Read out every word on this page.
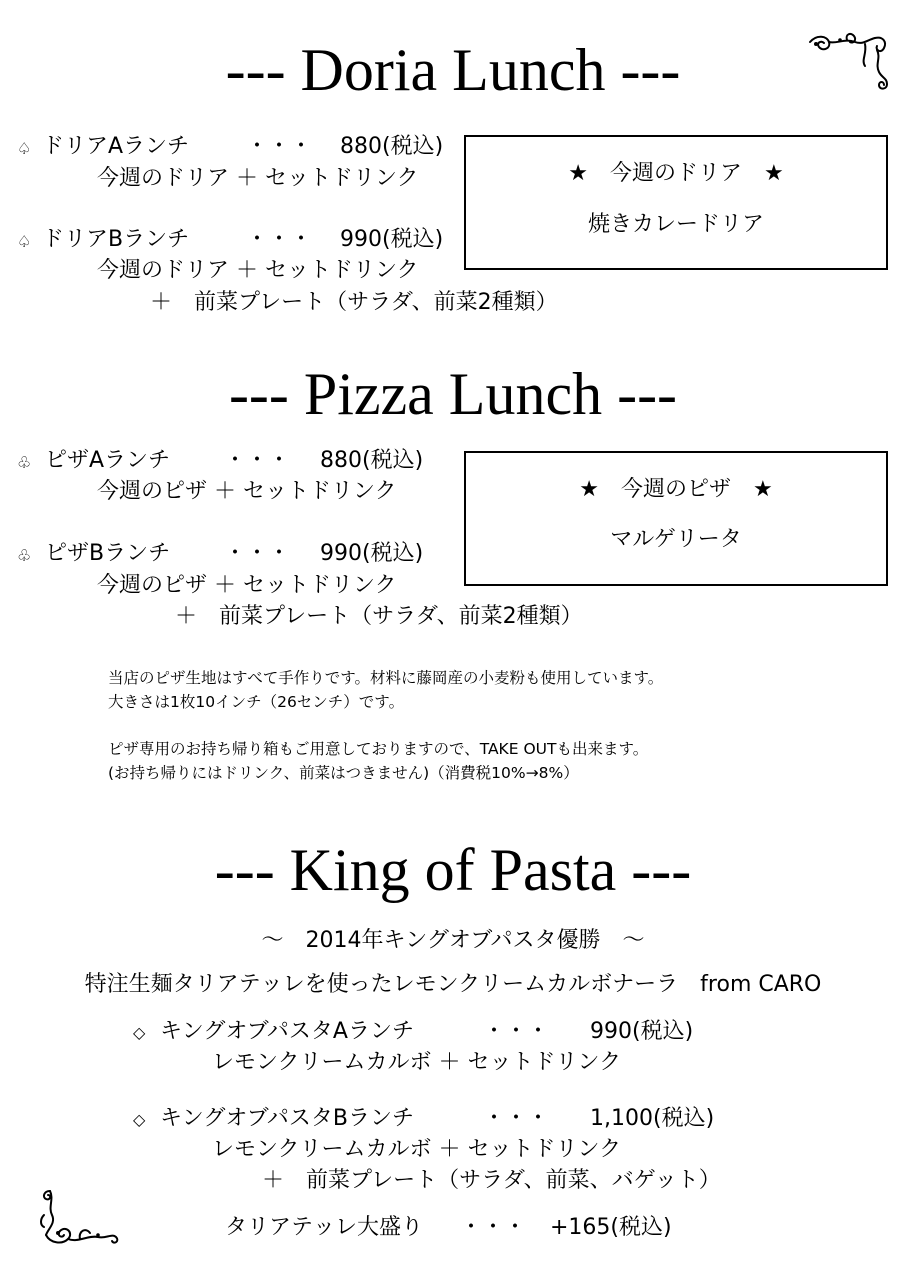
--- Doria Lunch ---
♤ ドリアAランチ	・・・ 880(税込)
今週のドリア ＋ セットドリンク
♤ ドリアBランチ	・・・ 990(税込)
今週のドリア ＋ セットドリンク
＋　前菜プレート（サラダ、前菜2種類）
★　今週のドリア　★
焼きカレードリア
--- Pizza Lunch ---
♧ ピザAランチ ・・・ 880(税込)
今週のピザ ＋ セットドリンク
♧ ピザBランチ ・・・ 990(税込)
今週のピザ ＋ セットドリンク
＋　前菜プレート（サラダ、前菜2種類）
★　今週のピザ　★
マルゲリータ
当店のピザ生地はすべて手作りです。材料に藤岡産の小麦粉も使用しています。
大きさは1枚10インチ（26センチ）です。
ピザ専用のお持ち帰り箱もご用意しておりますので、TAKE OUTも出来ます。
(お持ち帰りにはドリンク、前菜はつきません)（消費税10%→8%）
--- King of Pasta ---
～　2014年キングオブパスタ優勝　～
特注生麺タリアテッレを使ったレモンクリームカルボナーラ　from CARO
◇ キングオブパスタAランチ	・・・ 990(税込)
レモンクリームカルボ ＋ セットドリンク
◇ キングオブパスタBランチ	・・・ 1,100(税込)
レモンクリームカルボ ＋ セットドリンク
＋　前菜プレート（サラダ、前菜、バゲット）
タリアテッレ大盛り ・・・ +165(税込)
